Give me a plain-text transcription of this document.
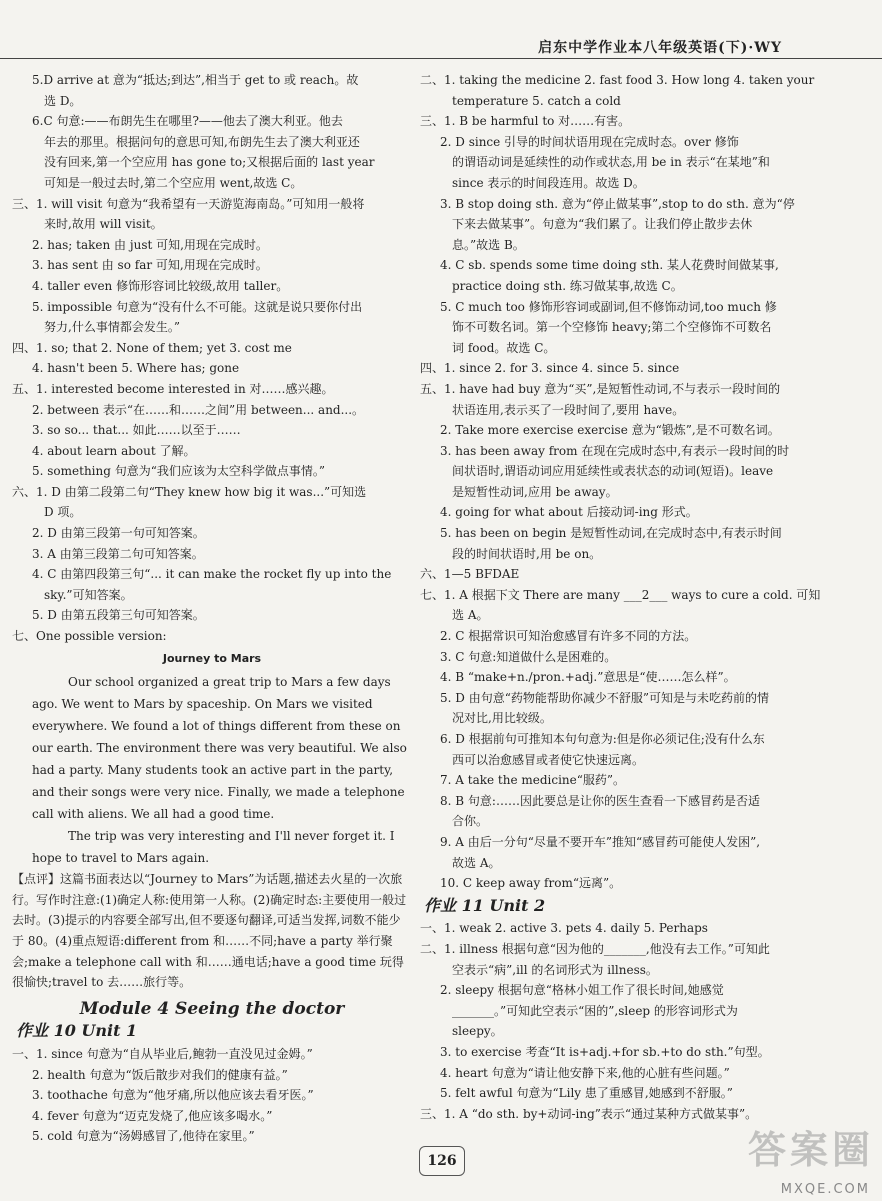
启东中学作业本八年级英语(下)·WY
5.D arrive at 意为“抵达;到达”,相当于 get to 或 reach。故
选 D。
6.C 句意:——布朗先生在哪里?——他去了澳大利亚。他去
年去的那里。根据问句的意思可知,布朗先生去了澳大利亚还
没有回来,第一个空应用 has gone to;又根据后面的 last year
可知是一般过去时,第二个空应用 went,故选 C。
三、1. will visit 句意为“我希望有一天游览海南岛。”可知用一般将
来时,故用 will visit。
2. has; taken 由 just 可知,用现在完成时。
3. has sent 由 so far 可知,用现在完成时。
4. taller even 修饰形容词比较级,故用 taller。
5. impossible 句意为“没有什么不可能。这就是说只要你付出
努力,什么事情都会发生。”
四、1. so; that 2. None of them; yet 3. cost me
4. hasn't been 5. Where has; gone
五、1. interested become interested in 对……感兴趣。
2. between 表示“在……和……之间”用 between... and...。
3. so so... that... 如此……以至于……
4. about learn about 了解。
5. something 句意为“我们应该为太空科学做点事情。”
六、1. D 由第二段第二句“They knew how big it was...”可知选
D 项。
2. D 由第三段第一句可知答案。
3. A 由第三段第二句可知答案。
4. C 由第四段第三句“... it can make the rocket fly up into the
sky.”可知答案。
5. D 由第五段第三句可知答案。
七、One possible version:
Journey to Mars

Our school organized a great trip to Mars a few days ago. We went to Mars by spaceship. On Mars we visited everywhere. We found a lot of things different from these on our earth. The environment there was very beautiful. We also had a party. Many students took an active part in the party, and their songs were very nice. Finally, we made a telephone call with aliens. We all had a good time.

The trip was very interesting and I'll never forget it. I hope to travel to Mars again.

【点评】这篇书面表达以“Journey to Mars”为话题,描述去火星的一次旅行。写作时注意:(1)确定人称:使用第一人称。(2)确定时态:主要使用一般过去时。(3)提示的内容要全部写出,但不要逐句翻译,可适当发挥,词数不能少于 80。(4)重点短语:different from 和……不同;have a party 举行聚会;make a telephone call with 和……通电话;have a good time 玩得很愉快;travel to 去……旅行等。
Module 4 Seeing the doctor
作业 10 Unit 1
一、1. since 句意为“自从毕业后,鲍勃一直没见过金姆。”
2. health 句意为“饭后散步对我们的健康有益。”
3. toothache 句意为“他牙痛,所以他应该去看牙医。”
4. fever 句意为“迈克发烧了,他应该多喝水。”
5. cold 句意为“汤姆感冒了,他待在家里。”
二、1. taking the medicine 2. fast food 3. How long 4. taken your
temperature 5. catch a cold
三、1. B be harmful to 对……有害。
2. D since 引导的时间状语用现在完成时态。over 修饰
的谓语动词是延续性的动作或状态,用 be in 表示“在某地”和
since 表示的时间段连用。故选 D。
3. B stop doing sth. 意为“停止做某事”,stop to do sth. 意为“停
下来去做某事”。句意为“我们累了。让我们停止散步去休
息。”故选 B。
4. C sb. spends some time doing sth. 某人花费时间做某事,
practice doing sth. 练习做某事,故选 C。
5. C much too 修饰形容词或副词,但不修饰动词,too much 修
饰不可数名词。第一个空修饰 heavy;第二个空修饰不可数名
词 food。故选 C。
四、1. since 2. for 3. since 4. since 5. since
五、1. have had buy 意为“买”,是短暂性动词,不与表示一段时间的
状语连用,表示买了一段时间了,要用 have。
2. Take more exercise exercise 意为“锻炼”,是不可数名词。
3. has been away from 在现在完成时态中,有表示一段时间的时
间状语时,谓语动词应用延续性或表状态的动词(短语)。leave
是短暂性动词,应用 be away。
4. going for what about 后接动词-ing 形式。
5. has been on begin 是短暂性动词,在完成时态中,有表示时间
段的时间状语时,用 be on。
六、1—5 BFDAE
七、1. A 根据下文 There are many ___2___ ways to cure a cold. 可知
选 A。
2. C 根据常识可知治愈感冒有许多不同的方法。
3. C 句意:知道做什么是困难的。
4. B “make+n./pron.+adj.”意思是“使……怎么样”。
5. D 由句意“药物能帮助你减少不舒服”可知是与未吃药前的情
况对比,用比较级。
6. D 根据前句可推知本句句意为:但是你必须记住;没有什么东
西可以治愈感冒或者使它快速远离。
7. A take the medicine“服药”。
8. B 句意:……因此要总是让你的医生查看一下感冒药是否适
合你。
9. A 由后一分句“尽量不要开车”推知“感冒药可能使人发困”,
故选 A。
10. C keep away from“远离”。
作业 11 Unit 2
一、1. weak 2. active 3. pets 4. daily 5. Perhaps
二、1. illness 根据句意“因为他的_______,他没有去工作。”可知此
空表示“病”,ill 的名词形式为 illness。
2. sleepy 根据句意“格林小姐工作了很长时间,她感觉
_______。”可知此空表示“困的”,sleep 的形容词形式为
sleepy。
3. to exercise 考查“It is+adj.+for sb.+to do sth.”句型。
4. heart 句意为“请让他安静下来,他的心脏有些问题。”
5. felt awful 句意为“Lily 患了重感冒,她感到不舒服。”
三、1. A “do sth. by+动词-ing”表示“通过某种方式做某事”。
126	答案圈
MXQE.COM
